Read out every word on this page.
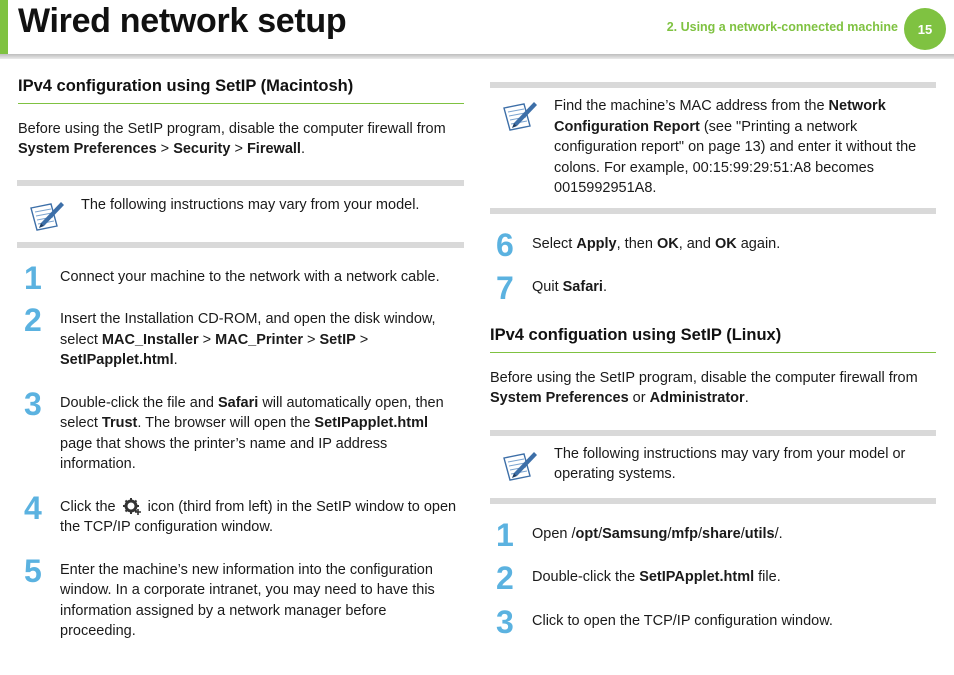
Wired network setup	2. Using a network-connected machine	15
IPv4 configuration using SetIP (Macintosh)

Before using the SetIP program, disable the computer firewall from System Preferences > Security > Firewall.

The following instructions may vary from your model.
1 Connect your machine to the network with a network cable.
2 Insert the Installation CD-ROM, and open the disk window, select MAC_Installer > MAC_Printer > SetIP > SetIPapplet.html.
3 Double-click the file and Safari will automatically open, then select Trust. The browser will open the SetIPapplet.html page that shows the printer’s name and IP address information.
4 Click the  icon (third from left) in the SetIP window to open the TCP/IP configuration window.
5 Enter the machine’s new information into the configuration window. In a corporate intranet, you may need to have this information assigned by a network manager before proceeding.
Find the machine’s MAC address from the Network Configuration Report (see "Printing a network configuration report" on page 13) and enter it without the colons. For example, 00:15:99:29:51:A8 becomes 0015992951A8.
6 Select Apply, then OK, and OK again.
7 Quit Safari.
IPv4 configuation using SetIP (Linux)

Before using the SetIP program, disable the computer firewall from System Preferences or Administrator.

The following instructions may vary from your model or operating systems.
1 Open /opt/Samsung/mfp/share/utils/.
2 Double-click the SetIPApplet.html file.
3 Click to open the TCP/IP configuration window.
